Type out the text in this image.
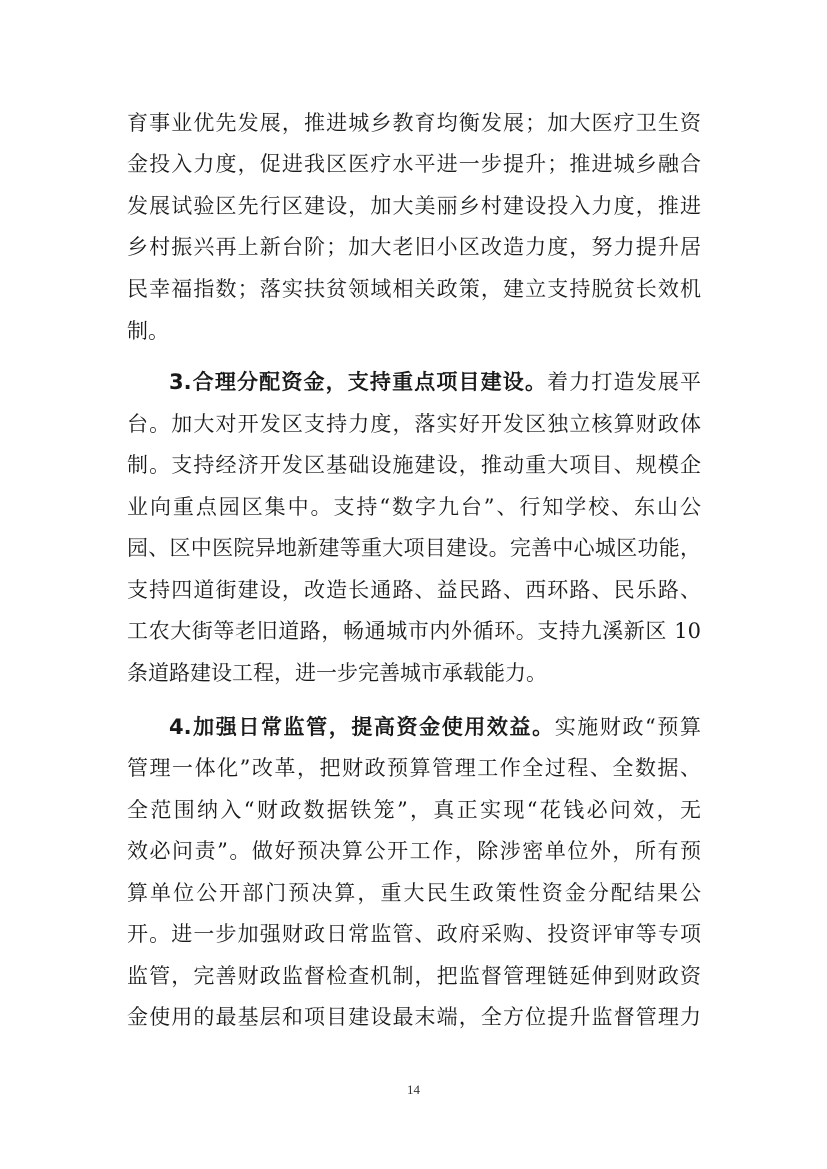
育事业优先发展，推进城乡教育均衡发展；加大医疗卫生资
金投入力度，促进我区医疗水平进一步提升；推进城乡融合
发展试验区先行区建设，加大美丽乡村建设投入力度，推进
乡村振兴再上新台阶；加大老旧小区改造力度，努力提升居
民幸福指数；落实扶贫领域相关政策，建立支持脱贫长效机
制。
3.合理分配资金，支持重点项目建设。着力打造发展平
台。加大对开发区支持力度，落实好开发区独立核算财政体
制。支持经济开发区基础设施建设，推动重大项目、规模企
业向重点园区集中。支持“数字九台”、行知学校、东山公
园、区中医院异地新建等重大项目建设。完善中心城区功能，
支持四道街建设，改造长通路、益民路、西环路、民乐路、
工农大街等老旧道路，畅通城市内外循环。支持九溪新区 10
条道路建设工程，进一步完善城市承载能力。
4.加强日常监管，提高资金使用效益。实施财政“预算
管理一体化”改革，把财政预算管理工作全过程、全数据、
全范围纳入“财政数据铁笼”，真正实现“花钱必问效，无
效必问责”。做好预决算公开工作，除涉密单位外，所有预
算单位公开部门预决算，重大民生政策性资金分配结果公
开。进一步加强财政日常监管、政府采购、投资评审等专项
监管，完善财政监督检查机制，把监督管理链延伸到财政资
金使用的最基层和项目建设最末端，全方位提升监督管理力
14
